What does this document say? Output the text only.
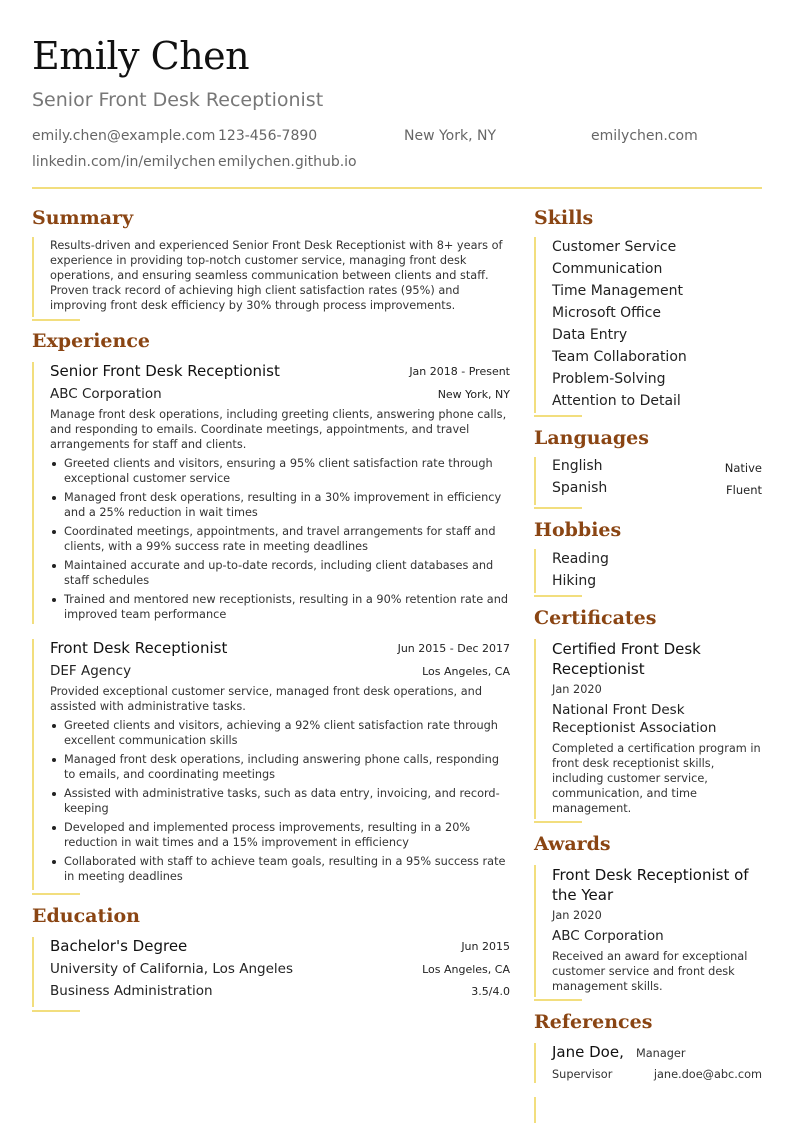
Emily Chen
Senior Front Desk Receptionist
emily.chen@example.com 123-456-7890	New York, NY	emilychen.com
linkedin.com/in/emilychen emilychen.github.io
Summary

Results-driven and experienced Senior Front Desk Receptionist with 8+ years of experience in providing top-notch customer service, managing front desk operations, and ensuring seamless communication between clients and staff. Proven track record of achieving high client satisfaction rates (95%) and improving front desk efficiency by 30% through process improvements.

Experience
Senior Front Desk Receptionist	Jan 2018 - Present
ABC Corporation	New York, NY

Manage front desk operations, including greeting clients, answering phone calls, and responding to emails. Coordinate meetings, appointments, and travel arrangements for staff and clients.

Greeted clients and visitors, ensuring a 95% client satisfaction rate through exceptional customer service
Managed front desk operations, resulting in a 30% improvement in efficiency and a 25% reduction in wait times
Coordinated meetings, appointments, and travel arrangements for staff and clients, with a 99% success rate in meeting deadlines
Maintained accurate and up-to-date records, including client databases and staff schedules
Trained and mentored new receptionists, resulting in a 90% retention rate and improved team performance
Front Desk Receptionist	Jun 2015 - Dec 2017
DEF Agency	Los Angeles, CA

Provided exceptional customer service, managed front desk operations, and assisted with administrative tasks.

Greeted clients and visitors, achieving a 92% client satisfaction rate through excellent communication skills
Managed front desk operations, including answering phone calls, responding to emails, and coordinating meetings
Assisted with administrative tasks, such as data entry, invoicing, and record-keeping
Developed and implemented process improvements, resulting in a 20% reduction in wait times and a 15% improvement in efficiency
Collaborated with staff to achieve team goals, resulting in a 95% success rate in meeting deadlines
Education
Bachelor's Degree	Jun 2015
University of California, Los Angeles	Los Angeles, CA
Business Administration	3.5/4.0
Skills
Customer Service
Communication
Time Management
Microsoft Office
Data Entry
Team Collaboration
Problem-Solving
Attention to Detail
Languages
English	Native
Spanish	Fluent
Hobbies
Reading
Hiking
Certificates
Certified Front Desk Receptionist
Jan 2020
National Front Desk Receptionist Association

Completed a certification program in front desk receptionist skills, including customer service, communication, and time management.

Awards
Front Desk Receptionist of the Year
Jan 2020
ABC Corporation

Received an award for exceptional customer service and front desk management skills.

References
Jane Doe, Manager
Supervisor	jane.doe@abc.com
